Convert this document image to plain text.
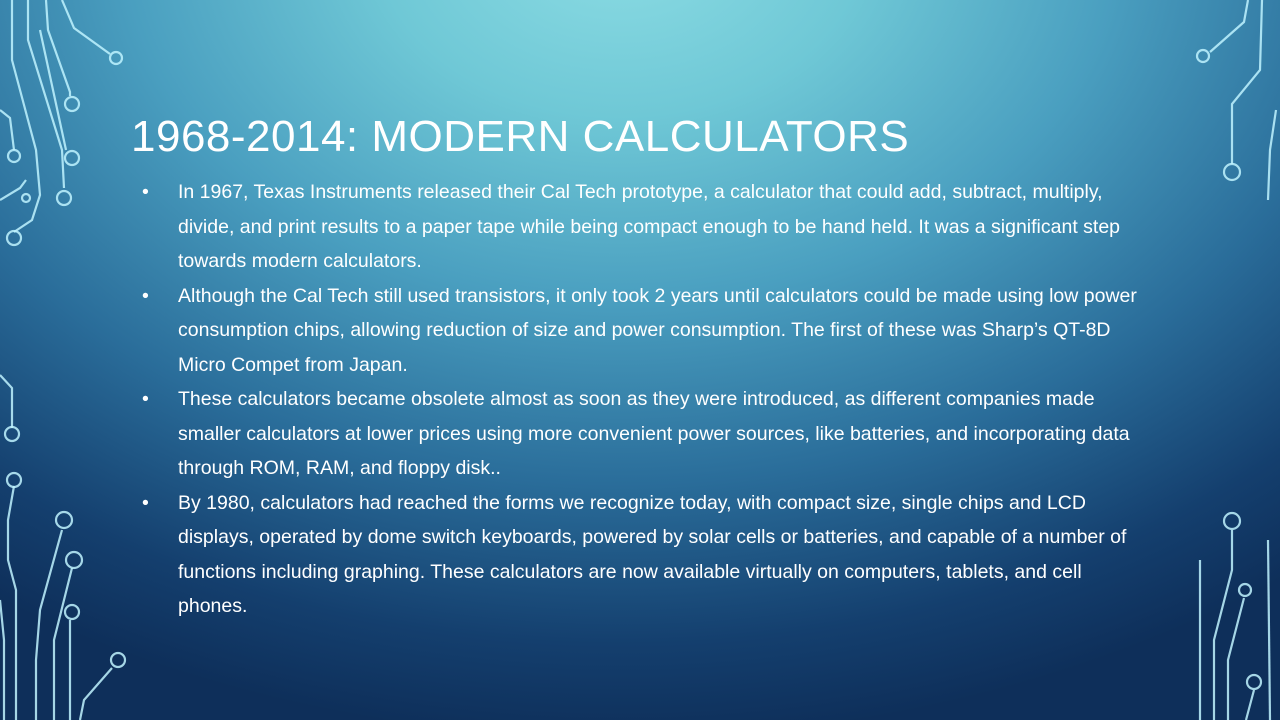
1968-2014: MODERN CALCULATORS
• In 1967, Texas Instruments released their Cal Tech prototype, a calculator that could add, subtract, multiply, divide, and print results to a paper tape while being compact enough to be hand held. It was a significant step towards modern calculators.
• Although the Cal Tech still used transistors, it only took 2 years until calculators could be made using low power consumption chips, allowing reduction of size and power consumption. The first of these was Sharp’s QT-8D Micro Compet from Japan.
• These calculators became obsolete almost as soon as they were introduced, as different companies made smaller calculators at lower prices using more convenient power sources, like batteries, and incorporating data through ROM, RAM, and floppy disk..
• By 1980, calculators had reached the forms we recognize today, with compact size, single chips and LCD displays, operated by dome switch keyboards, powered by solar cells or batteries, and capable of a number of functions including graphing. These calculators are now available virtually on computers, tablets, and cell phones.
